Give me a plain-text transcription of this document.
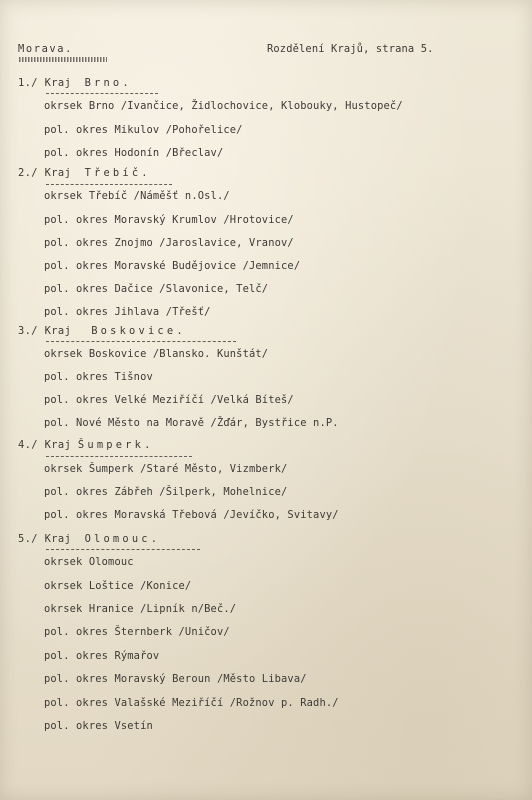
Morava.	Rozdělení Krajů, strana 5.
1./ Kraj Brno.
okrsek Brno /Ivančice, Židlochovice, Klobouky, Hustopeč/
pol. okres Mikulov /Pohořelice/
pol. okres Hodonín /Břeclav/
2./ Kraj Třebíč.
okrsek Třebíč /Náměšť n.Osl./
pol. okres Moravský Krumlov /Hrotovice/
pol. okres Znojmo /Jaroslavice, Vranov/
pol. okres Moravské Budějovice /Jemnice/
pol. okres Dačice /Slavonice, Telč/
pol. okres Jihlava /Třešť/
3./ Kraj Boskovice.
okrsek Boskovice /Blansko. Kunštát/
pol. okres Tišnov
pol. okres Velké Meziříčí /Velká Bíteš/
pol. Nové Město na Moravě /Žďár, Bystřice n.P.
4./ Kraj Šumperk.
okrsek Šumperk /Staré Město, Vizmberk/
pol. okres Zábřeh /Šilperk, Mohelnice/
pol. okres Moravská Třebová /Jevíčko, Svitavy/
5./ Kraj Olomouc.
okrsek Olomouc
okrsek Loštice /Konice/
okrsek Hranice /Lipník n/Beč./
pol. okres Šternberk /Uničov/
pol. okres Rýmařov
pol. okres Moravský Beroun /Město Libava/
pol. okres Valašské Meziříčí /Rožnov p. Radh./
pol. okres Vsetín
